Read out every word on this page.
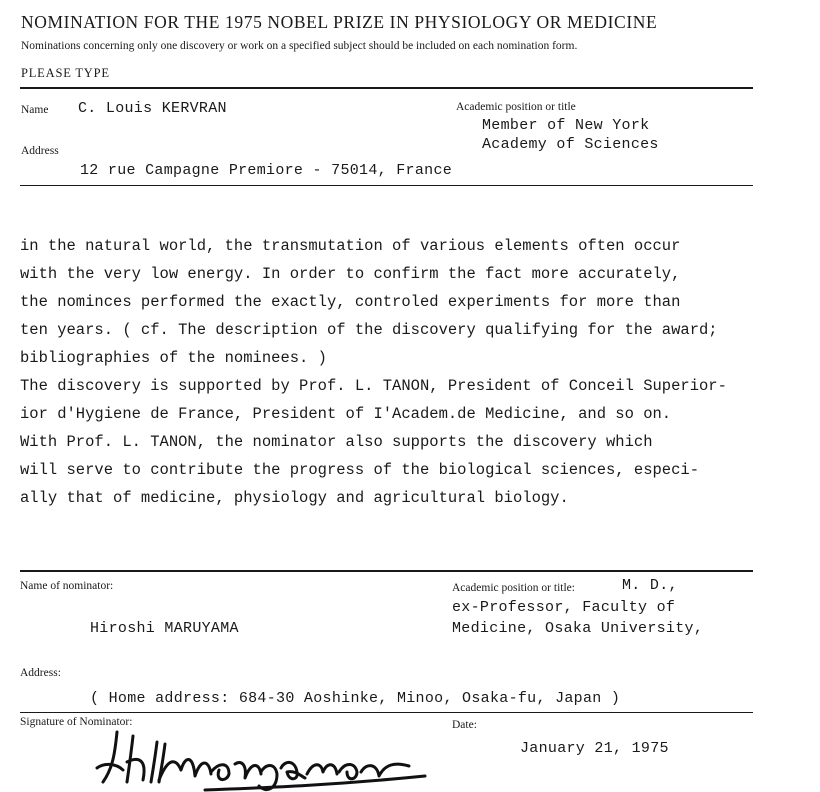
NOMINATION FOR THE 1975 NOBEL PRIZE IN PHYSIOLOGY OR MEDICINE
Nominations concerning only one discovery or work on a specified subject should be included on each nomination form.
PLEASE TYPE
Name C. Louis KERVRAN	Academic position or title
Member of New York
Academy of Sciences
Address
12 rue Campagne Premiore - 75014, France
in the natural world, the transmutation of various elements often occur
with the very low energy. In order to confirm the fact more accurately,
the nominces performed the exactly, controled experiments for more than
ten years. ( cf. The description of the discovery qualifying for the award;
bibliographies of the nominees. )
The discovery is supported by Prof. L. TANON, President of Conceil Superior-
ior d'Hygiene de France, President of I'Academ.de Medicine, and so on.
With Prof. L. TANON, the nominator also supports the discovery which
will serve to contribute the progress of the biological sciences, especi-
ally that of medicine, physiology and agricultural biology.
Name of nominator:	Academic position or title:	M. D.,
ex-Professor, Faculty of
Medicine, Osaka University,
Hiroshi MARUYAMA
Address:
( Home address: 684-30 Aoshinke, Minoo, Osaka-fu, Japan )
Signature of Nominator:	Date:
January 21, 1975
